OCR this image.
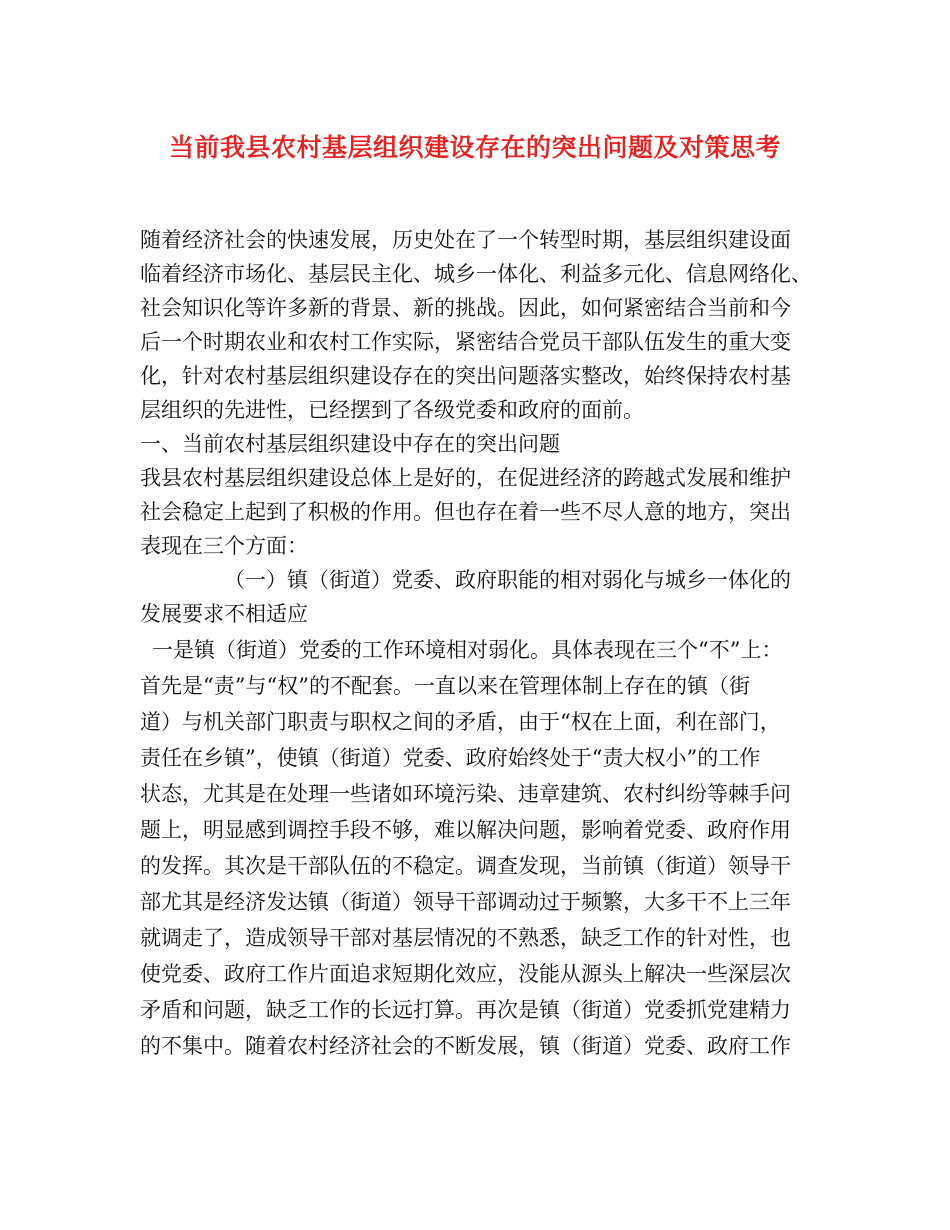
当前我县农村基层组织建设存在的突出问题及对策思考

随着经济社会的快速发展，历史处在了一个转型时期，基层组织建设面

临着经济市场化、基层民主化、城乡一体化、利益多元化、信息网络化、

社会知识化等许多新的背景、新的挑战。因此，如何紧密结合当前和今

后一个时期农业和农村工作实际，紧密结合党员干部队伍发生的重大变

化，针对农村基层组织建设存在的突出问题落实整改，始终保持农村基

层组织的先进性，已经摆到了各级党委和政府的面前。

一、当前农村基层组织建设中存在的突出问题

我县农村基层组织建设总体上是好的，在促进经济的跨越式发展和维护

社会稳定上起到了积极的作用。但也存在着一些不尽人意的地方，突出

表现在三个方面：

（一）镇（街道）党委、政府职能的相对弱化与城乡一体化的

发展要求不相适应

一是镇（街道）党委的工作环境相对弱化。具体表现在三个“不”上：

首先是“责”与“权”的不配套。一直以来在管理体制上存在的镇（街

道）与机关部门职责与职权之间的矛盾，由于“权在上面，利在部门，

责任在乡镇”，使镇（街道）党委、政府始终处于“责大权小”的工作

状态，尤其是在处理一些诸如环境污染、违章建筑、农村纠纷等棘手问

题上，明显感到调控手段不够，难以解决问题，影响着党委、政府作用

的发挥。其次是干部队伍的不稳定。调查发现，当前镇（街道）领导干

部尤其是经济发达镇（街道）领导干部调动过于频繁，大多干不上三年

就调走了，造成领导干部对基层情况的不熟悉，缺乏工作的针对性，也

使党委、政府工作片面追求短期化效应，没能从源头上解决一些深层次

矛盾和问题，缺乏工作的长远打算。再次是镇（街道）党委抓党建精力

的不集中。随着农村经济社会的不断发展，镇（街道）党委、政府工作
